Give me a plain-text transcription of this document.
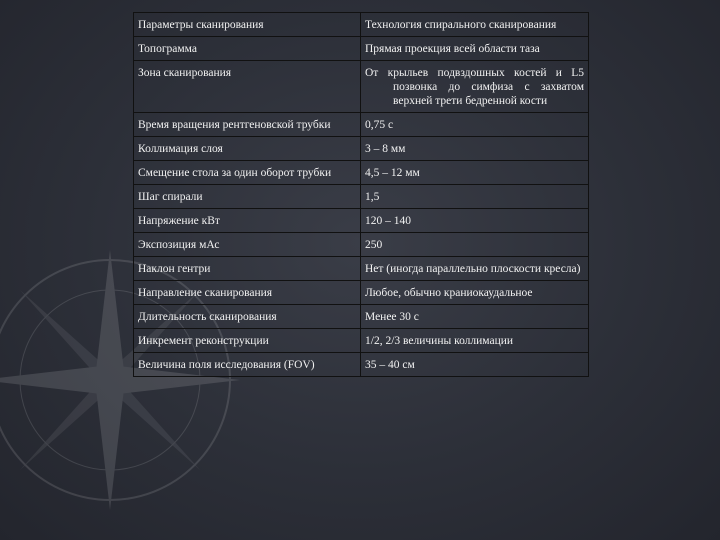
Параметры сканирования	Технология спирального сканирования

Топограмма	Прямая проекция всей области таза

Зона сканирования	От крыльев подвздошных костей и L5 позвонка до симфиза с захватом верхней трети бедренной кости

Время вращения рентгеновской трубки	0,75 с

Коллимация слоя	3 – 8 мм

Смещение стола за один оборот трубки	4,5 – 12 мм

Шаг спирали	1,5

Напряжение кВт	120 – 140

Экспозиция мАс	250

Наклон гентри	Нет (иногда параллельно плоскости кресла)

Направление сканирования	Любое, обычно краниокаудальное

Длительность сканирования	Менее 30 с

Инкремент реконструкции	1/2, 2/3 величины коллимации

Величина поля исследования (FOV)	35 – 40 см
